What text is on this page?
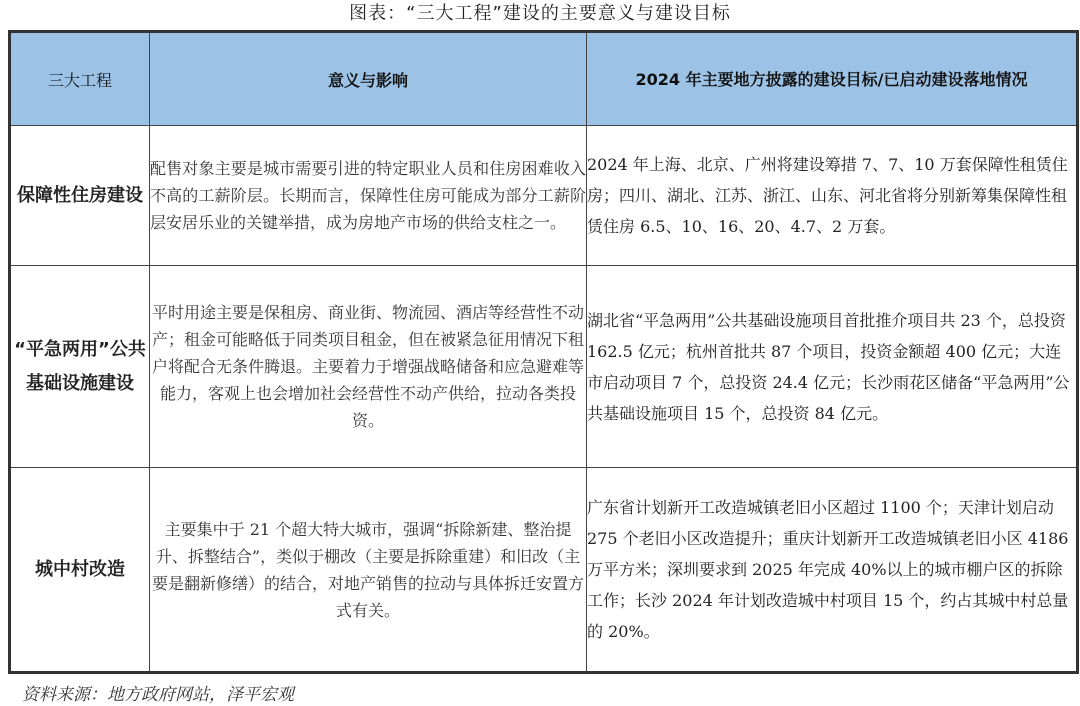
图表：“三大工程”建设的主要意义与建设目标
三大工程	意义与影响	2024 年主要地方披露的建设目标/已启动建设落地情况
保障性住房建设	配售对象主要是城市需要引进的特定职业人员和住房困难收入不高的工薪阶层。长期而言，保障性住房可能成为部分工薪阶层安居乐业的关键举措，成为房地产市场的供给支柱之一。	2024 年上海、北京、广州将建设筹措 7、7、10 万套保障性租赁住房；四川、湖北、江苏、浙江、山东、河北省将分别新筹集保障性租赁住房 6.5、10、16、20、4.7、2 万套。
“平急两用”公共基础设施建设	平时用途主要是保租房、商业街、物流园、酒店等经营性不动产；租金可能略低于同类项目租金，但在被紧急征用情况下租户将配合无条件腾退。主要着力于增强战略储备和应急避难等能力，客观上也会增加社会经营性不动产供给，拉动各类投资。	湖北省“平急两用”公共基础设施项目首批推介项目共 23 个，总投资 162.5 亿元；杭州首批共 87 个项目，投资金额超 400 亿元；大连市启动项目 7 个，总投资 24.4 亿元；长沙雨花区储备“平急两用”公共基础设施项目 15 个，总投资 84 亿元。
城中村改造	主要集中于 21 个超大特大城市，强调“拆除新建、整治提升、拆整结合”，类似于棚改（主要是拆除重建）和旧改（主要是翻新修缮）的结合，对地产销售的拉动与具体拆迁安置方式有关。	广东省计划新开工改造城镇老旧小区超过 1100 个；天津计划启动 275 个老旧小区改造提升；重庆计划新开工改造城镇老旧小区 4186 万平方米；深圳要求到 2025 年完成 40%以上的城市棚户区的拆除工作；长沙 2024 年计划改造城中村项目 15 个，约占其城中村总量的 20%。
资料来源：地方政府网站，泽平宏观
